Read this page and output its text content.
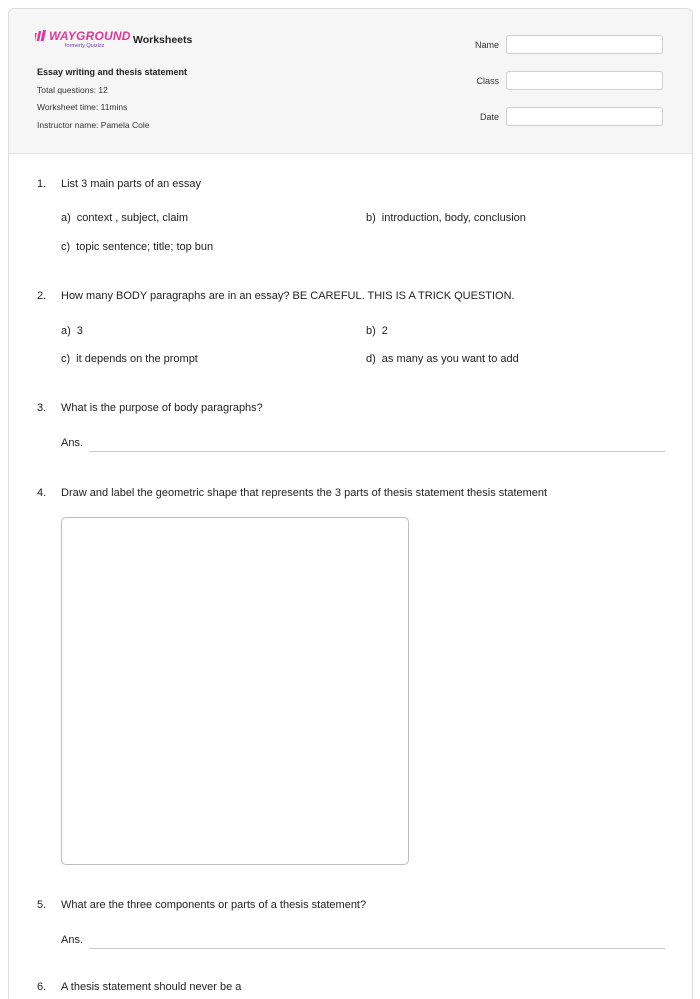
WAYGROUND
formerly Quizizz	Worksheets
Essay writing and thesis statement
Total questions: 12
Worksheet time: 11mins
Instructor name: Pamela Cole
Name
Class
Date
1. List 3 main parts of an essay
a) context , subject, claim	b) introduction, body, conclusion
c) topic sentence; title; top bun
2. How many BODY paragraphs are in an essay? BE CAREFUL. THIS IS A TRICK QUESTION.
a) 3	b) 2
c) it depends on the prompt	d) as many as you want to add
3. What is the purpose of body paragraphs?
Ans.
4. Draw and label the geometric shape that represents the 3 parts of thesis statement thesis statement
5. What are the three components or parts of a thesis statement?
Ans.
6. A thesis statement should never be a
